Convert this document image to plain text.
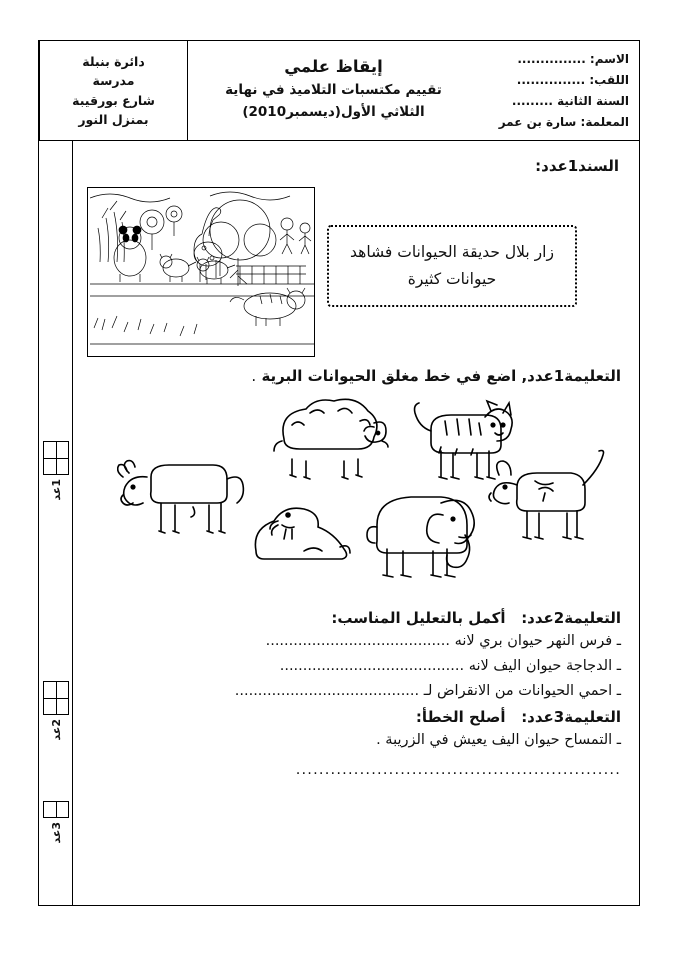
الاسم: ...............
اللقب: ...............
السنة الثانية .........
المعلمة: سارة بن عمر
إيقاظ علمي
تقييم مكتسبات التلاميذ في نهاية
الثلاثي الأول(ديسمبر2010)
دائرة بنبلة
مدرسة
شارع بورقيبة
بمنزل النور
1عد
2عد
3عد
السند1عدد:
زار بلال حديقة الحيوانات فشاهد
حيوانات كثيرة
التعليمة1عدد, اضع في خط مغلق الحيوانات البرية .
التعليمة2عدد:   أكمل بالتعليل المناسب:
ـ فرس النهر حيوان بري لانه ........................................
ـ الدجاجة حيوان اليف لانه ........................................
ـ احمي الحيوانات من الانقراض لـ ........................................
التعليمة3عدد:   أصلح الخطأ:
ـ التمساح حيوان اليف يعيش في الزريبة .
........................................................
